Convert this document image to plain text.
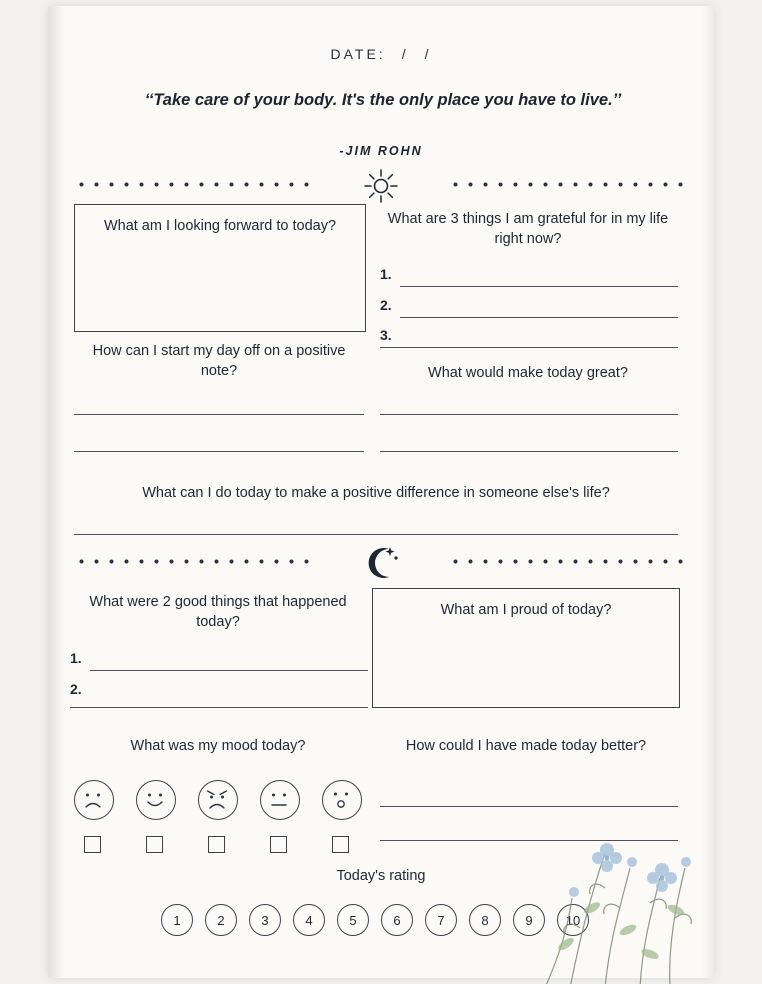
DATE: / /
‘‘Take care of your body. It's the only place you have to live.’’
-JIM ROHN
What am I looking forward to today?	What are 3 things I am grateful for in my life right now?
1.
2.
3.
How can I start my day off on a positive note?	What would make today great?
What can I do today to make a positive difference in someone else's life?
What were 2 good things that happened today?
1.
2.
What am I proud of today?
What was my mood today?	How could I have made today better?
Today's rating
1	2	3	4	5	6	7	8	9	10
